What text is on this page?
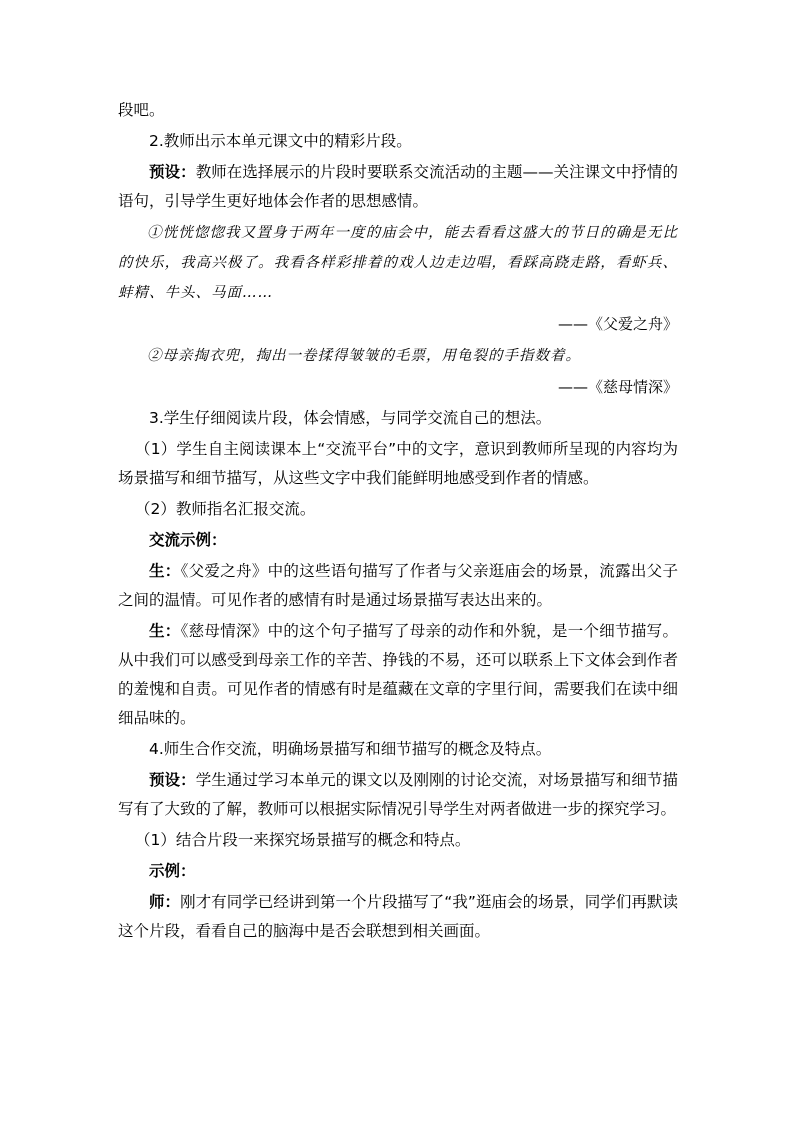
段吧。

2.教师出示本单元课文中的精彩片段。

预设：教师在选择展示的片段时要联系交流活动的主题——关注课文中抒情的语句，引导学生更好地体会作者的思想感情。

①恍恍惚惚我又置身于两年一度的庙会中，能去看看这盛大的节日的确是无比的快乐，我高兴极了。我看各样彩排着的戏人边走边唱，看踩高跷走路，看虾兵、蚌精、牛头、马面……

——《父爱之舟》

②母亲掏衣兜，掏出一卷揉得皱皱的毛票，用龟裂的手指数着。

——《慈母情深》

3.学生仔细阅读片段，体会情感，与同学交流自己的想法。

（1）学生自主阅读课本上“交流平台”中的文字，意识到教师所呈现的内容均为场景描写和细节描写，从这些文字中我们能鲜明地感受到作者的情感。

（2）教师指名汇报交流。

交流示例：

生：《父爱之舟》中的这些语句描写了作者与父亲逛庙会的场景，流露出父子之间的温情。可见作者的感情有时是通过场景描写表达出来的。

生：《慈母情深》中的这个句子描写了母亲的动作和外貌，是一个细节描写。从中我们可以感受到母亲工作的辛苦、挣钱的不易，还可以联系上下文体会到作者的羞愧和自责。可见作者的情感有时是蕴藏在文章的字里行间，需要我们在读中细细品味的。

4.师生合作交流，明确场景描写和细节描写的概念及特点。

预设：学生通过学习本单元的课文以及刚刚的讨论交流，对场景描写和细节描写有了大致的了解，教师可以根据实际情况引导学生对两者做进一步的探究学习。

（1）结合片段一来探究场景描写的概念和特点。

示例：

师：刚才有同学已经讲到第一个片段描写了“我”逛庙会的场景，同学们再默读这个片段，看看自己的脑海中是否会联想到相关画面。
